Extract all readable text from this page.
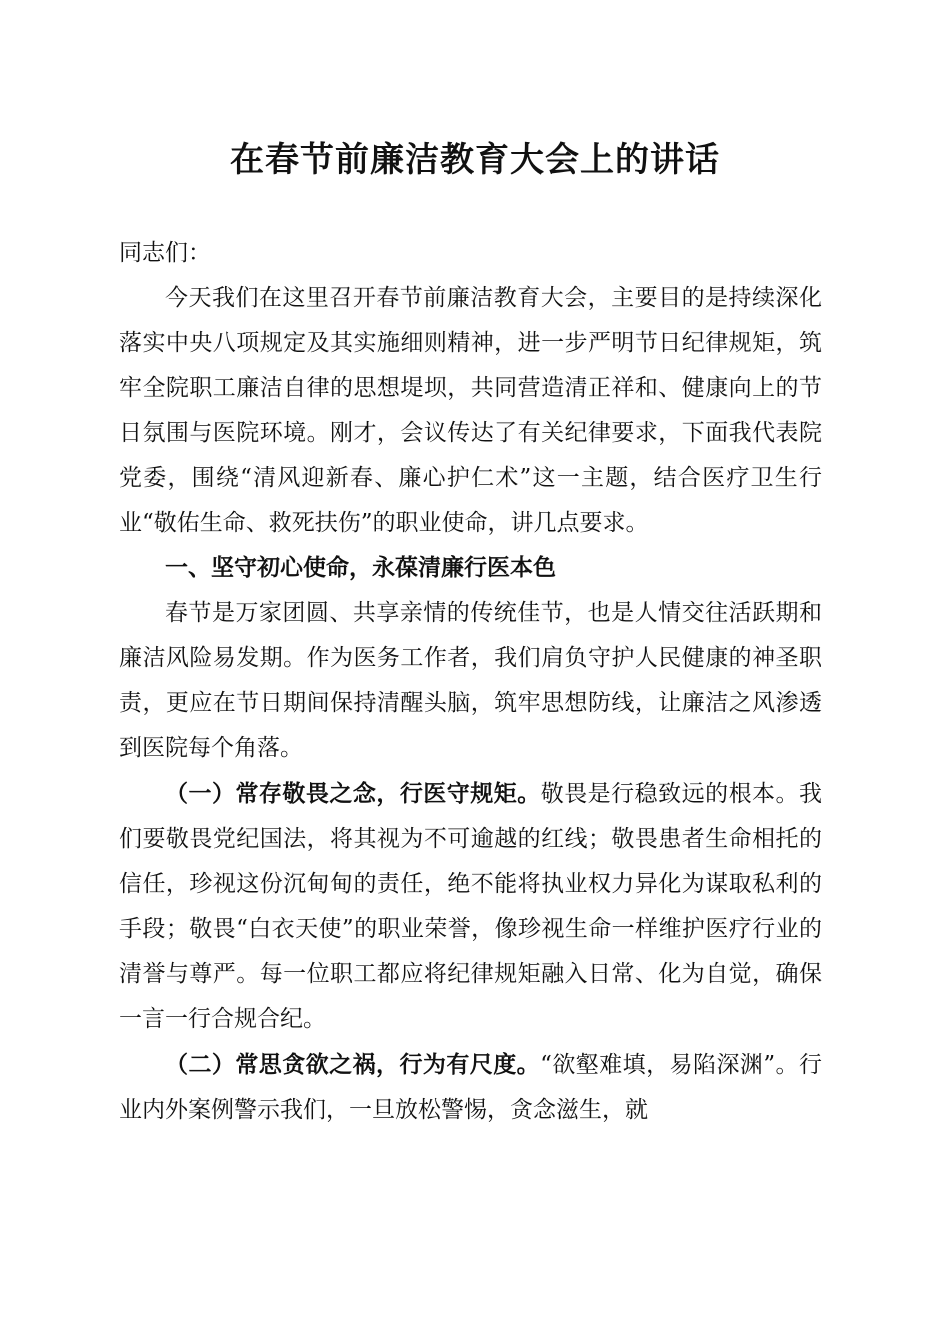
在春节前廉洁教育大会上的讲话

同志们：

今天我们在这里召开春节前廉洁教育大会，主要目的是持续深化落实中央八项规定及其实施细则精神，进一步严明节日纪律规矩，筑牢全院职工廉洁自律的思想堤坝，共同营造清正祥和、健康向上的节日氛围与医院环境。刚才，会议传达了有关纪律要求，下面我代表院党委，围绕“清风迎新春、廉心护仁术”这一主题，结合医疗卫生行业“敬佑生命、救死扶伤”的职业使命，讲几点要求。

一、坚守初心使命，永葆清廉行医本色

春节是万家团圆、共享亲情的传统佳节，也是人情交往活跃期和廉洁风险易发期。作为医务工作者，我们肩负守护人民健康的神圣职责，更应在节日期间保持清醒头脑，筑牢思想防线，让廉洁之风渗透到医院每个角落。

（一）常存敬畏之念，行医守规矩。敬畏是行稳致远的根本。我们要敬畏党纪国法，将其视为不可逾越的红线；敬畏患者生命相托的信任，珍视这份沉甸甸的责任，绝不能将执业权力异化为谋取私利的手段；敬畏“白衣天使”的职业荣誉，像珍视生命一样维护医疗行业的清誉与尊严。每一位职工都应将纪律规矩融入日常、化为自觉，确保一言一行合规合纪。

（二）常思贪欲之祸，行为有尺度。“欲壑难填，易陷深渊”。行业内外案例警示我们，一旦放松警惕，贪念滋生，就
